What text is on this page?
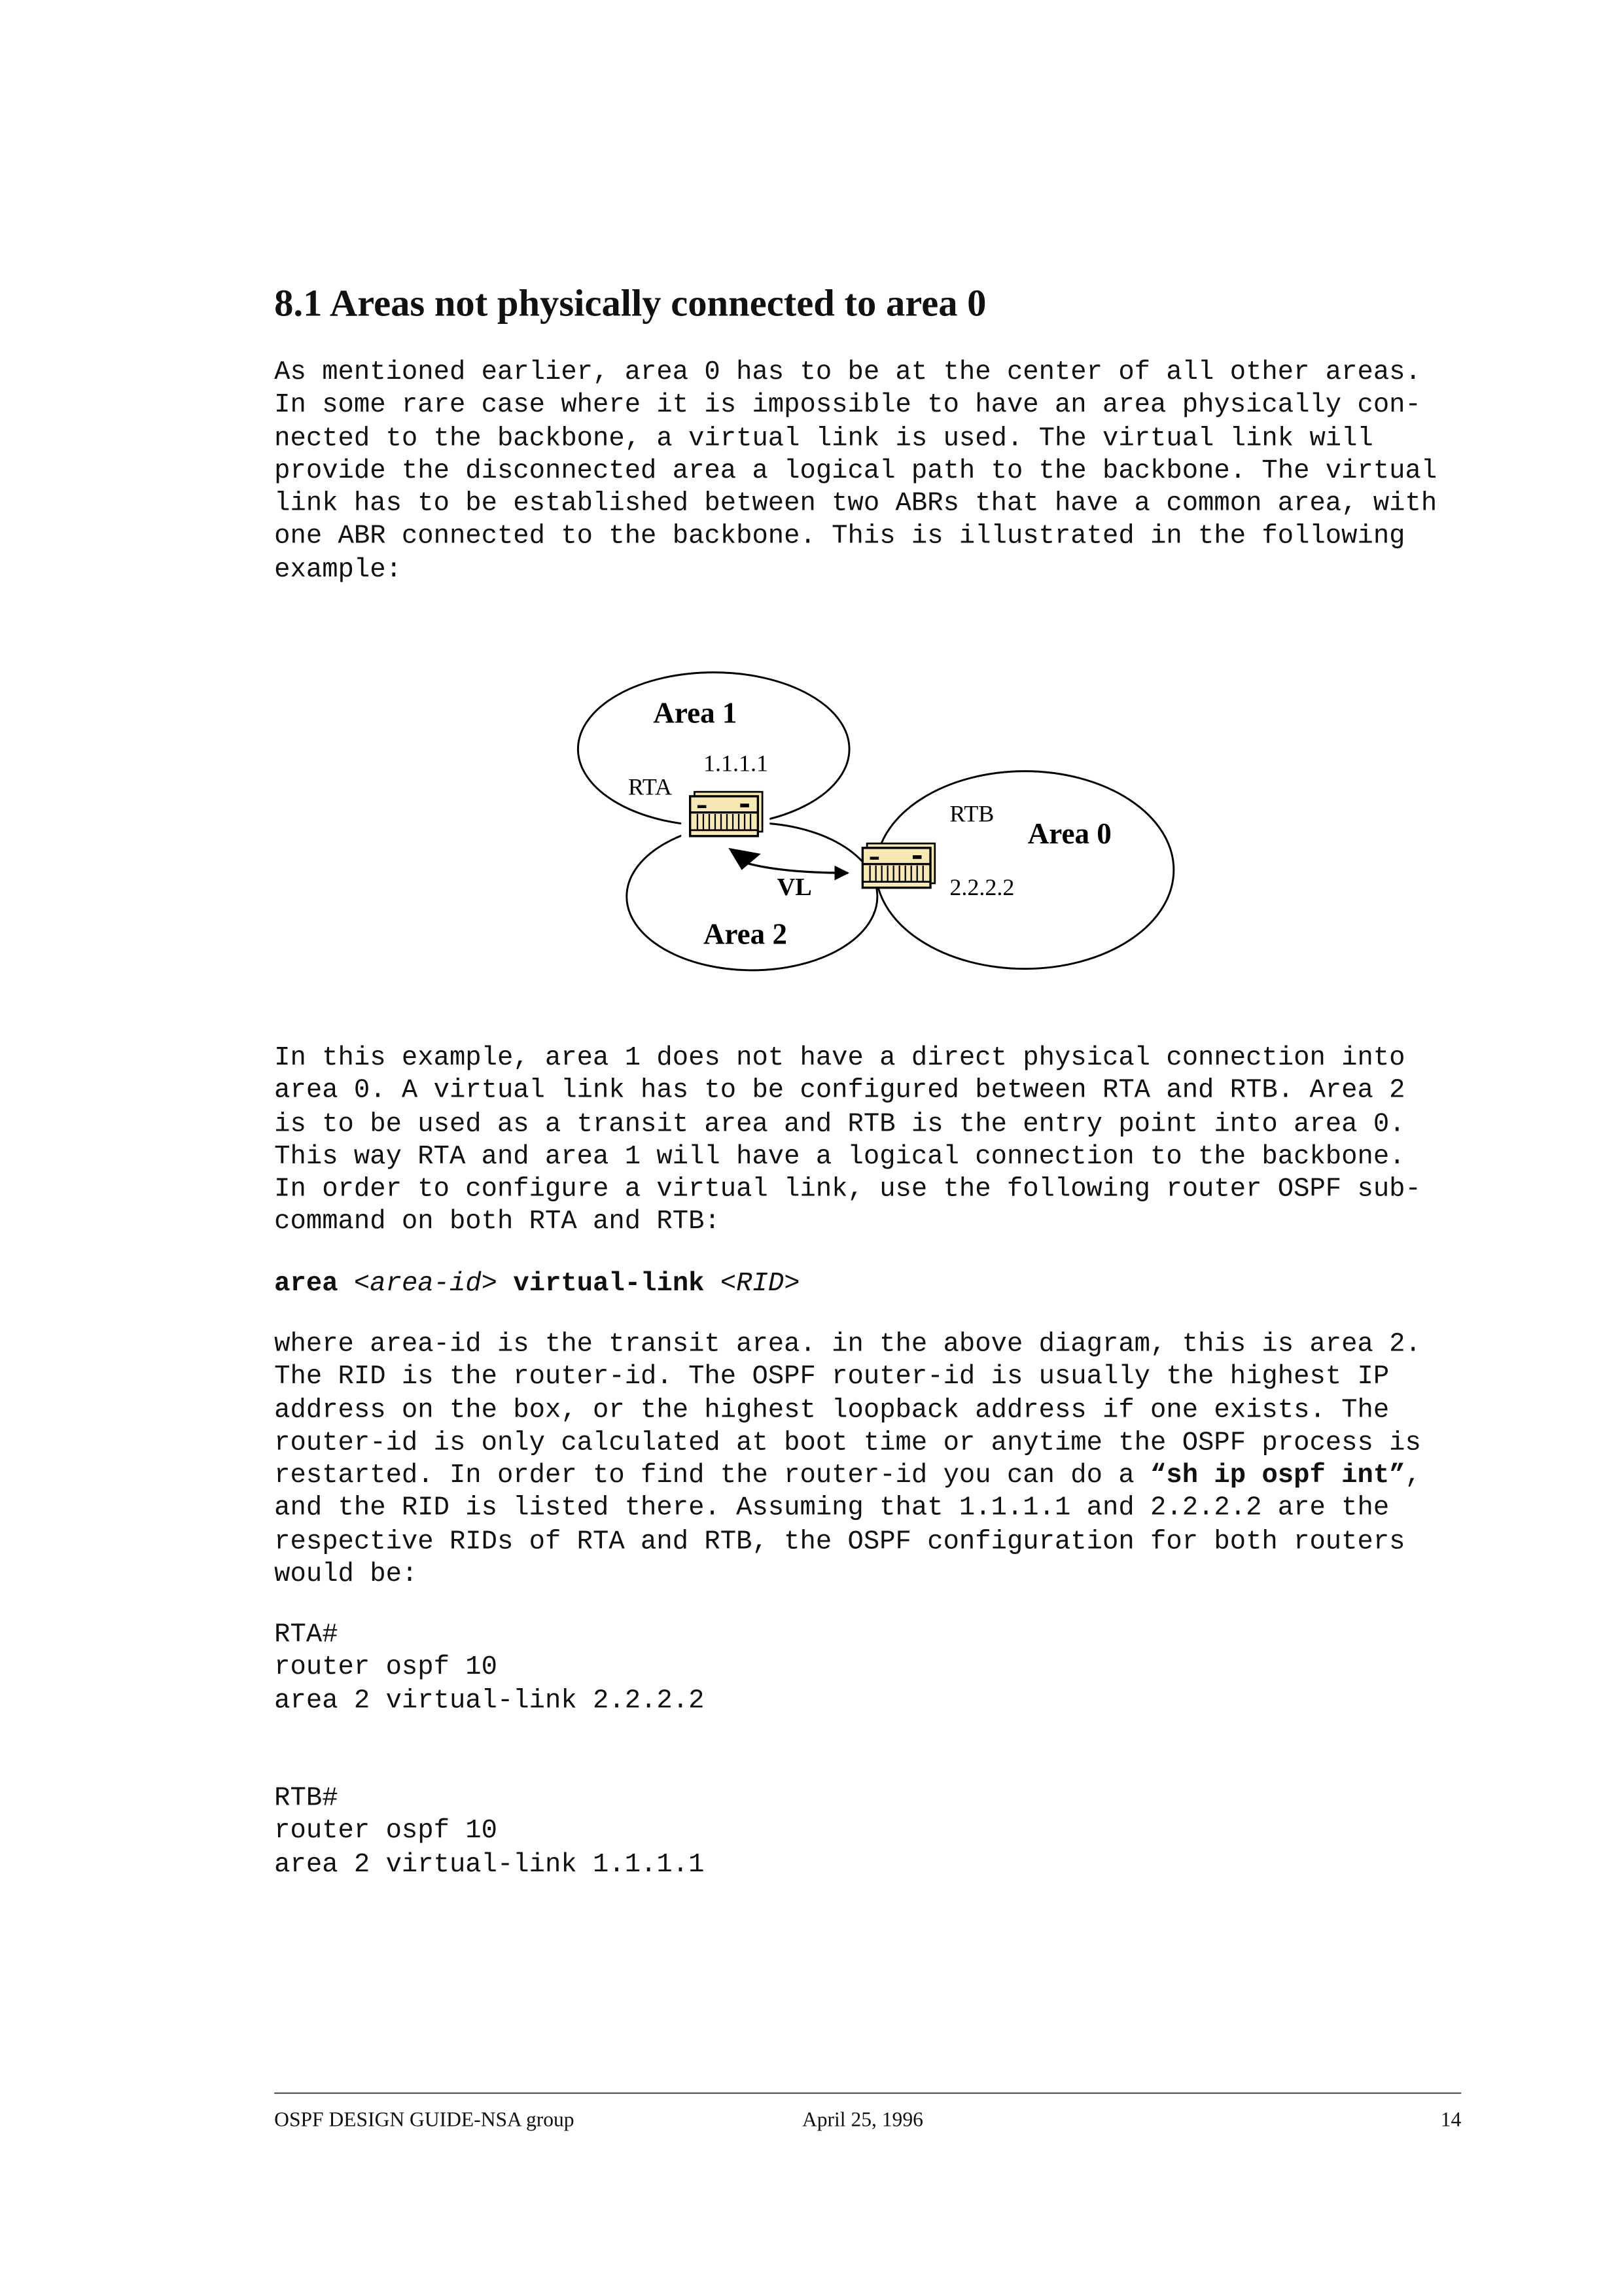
8.1 Areas not physically connected to area 0
As mentioned earlier, area 0 has to be at the center of all other areas.
In some rare case where it is impossible to have an area physically con-
nected to the backbone, a virtual link is used. The virtual link will
provide the disconnected area a logical path to the backbone. The virtual
link has to be established between two ABRs that have a common area, with
one ABR connected to the backbone. This is illustrated in the following
example:
Area 1
1.1.1.1
RTA
RTB
Area 0
VL	2.2.2.2
Area 2
In this example, area 1 does not have a direct physical connection into
area 0. A virtual link has to be configured between RTA and RTB. Area 2
is to be used as a transit area and RTB is the entry point into area 0.
This way RTA and area 1 will have a logical connection to the backbone.
In order to configure a virtual link, use the following router OSPF sub-
command on both RTA and RTB:
area <area-id> virtual-link <RID>
where area-id is the transit area. in the above diagram, this is area 2.
The RID is the router-id. The OSPF router-id is usually the highest IP
address on the box, or the highest loopback address if one exists. The
router-id is only calculated at boot time or anytime the OSPF process is
restarted. In order to find the router-id you can do a “sh ip ospf int”,
and the RID is listed there. Assuming that 1.1.1.1 and 2.2.2.2 are the
respective RIDs of RTA and RTB, the OSPF configuration for both routers
would be:
RTA#
router ospf 10
area 2 virtual-link 2.2.2.2
RTB#
router ospf 10
area 2 virtual-link 1.1.1.1
OSPF DESIGN GUIDE-NSA group	April 25, 1996	14
